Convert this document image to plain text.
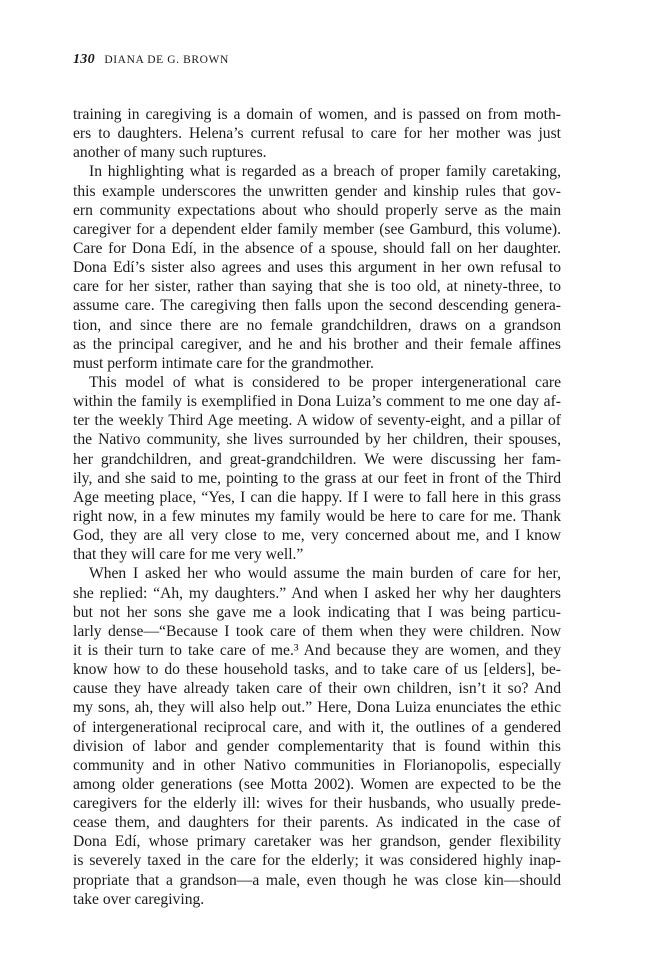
130 DIANA DE G. BROWN
training in caregiving is a domain of women, and is passed on from moth-
ers to daughters. Helena’s current refusal to care for her mother was just
another of many such ruptures.
In highlighting what is regarded as a breach of proper family caretaking,
this example underscores the unwritten gender and kinship rules that gov-
ern community expectations about who should properly serve as the main
caregiver for a dependent elder family member (see Gamburd, this volume).
Care for Dona Edí, in the absence of a spouse, should fall on her daughter.
Dona Edí’s sister also agrees and uses this argument in her own refusal to
care for her sister, rather than saying that she is too old, at ninety-three, to
assume care. The caregiving then falls upon the second descending genera-
tion, and since there are no female grandchildren, draws on a grandson
as the principal caregiver, and he and his brother and their female affines
must perform intimate care for the grandmother.
This model of what is considered to be proper intergenerational care
within the family is exemplified in Dona Luiza’s comment to me one day af-
ter the weekly Third Age meeting. A widow of seventy-eight, and a pillar of
the Nativo community, she lives surrounded by her children, their spouses,
her grandchildren, and great-grandchildren. We were discussing her fam-
ily, and she said to me, pointing to the grass at our feet in front of the Third
Age meeting place, “Yes, I can die happy. If I were to fall here in this grass
right now, in a few minutes my family would be here to care for me. Thank
God, they are all very close to me, very concerned about me, and I know
that they will care for me very well.”
When I asked her who would assume the main burden of care for her,
she replied: “Ah, my daughters.” And when I asked her why her daughters
but not her sons she gave me a look indicating that I was being particu-
larly dense—“Because I took care of them when they were children. Now
it is their turn to take care of me.³ And because they are women, and they
know how to do these household tasks, and to take care of us [elders], be-
cause they have already taken care of their own children, isn’t it so? And
my sons, ah, they will also help out.” Here, Dona Luiza enunciates the ethic
of intergenerational reciprocal care, and with it, the outlines of a gendered
division of labor and gender complementarity that is found within this
community and in other Nativo communities in Florianopolis, especially
among older generations (see Motta 2002). Women are expected to be the
caregivers for the elderly ill: wives for their husbands, who usually prede-
cease them, and daughters for their parents. As indicated in the case of
Dona Edí, whose primary caretaker was her grandson, gender flexibility
is severely taxed in the care for the elderly; it was considered highly inap-
propriate that a grandson—a male, even though he was close kin—should
take over caregiving.
